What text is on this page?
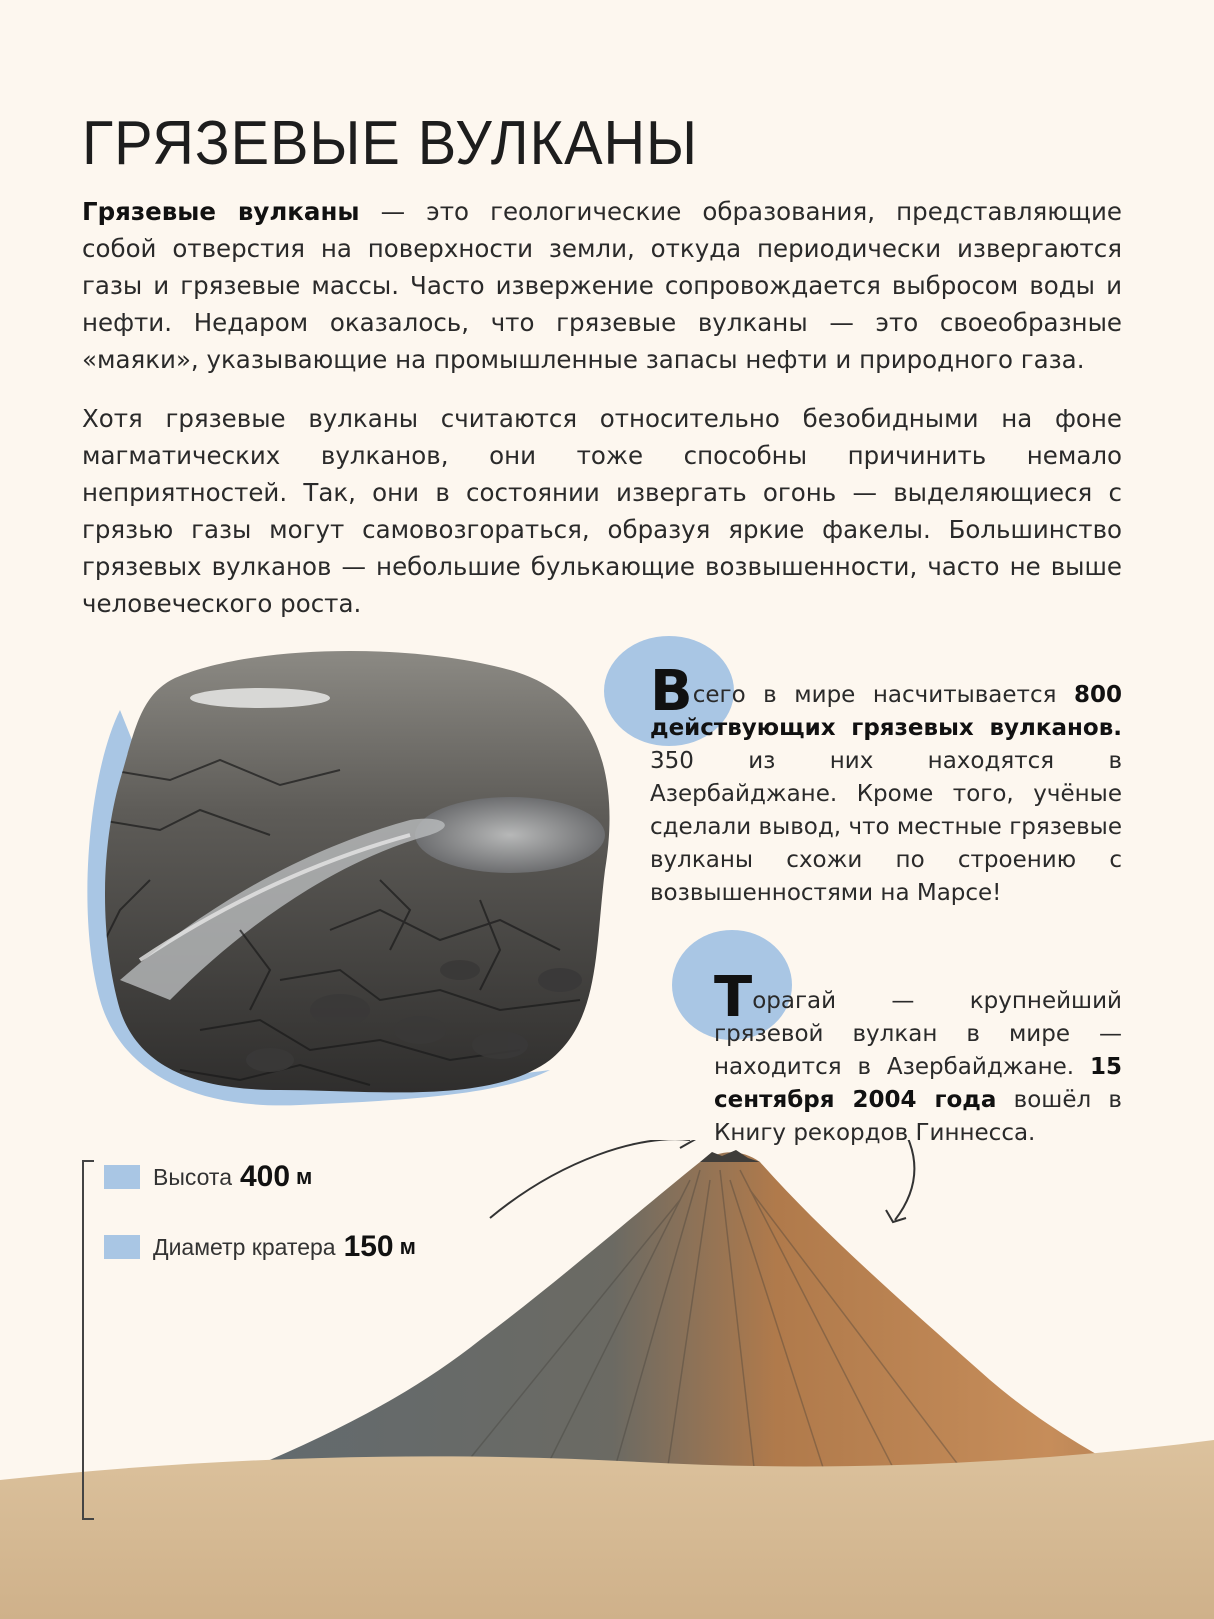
ГРЯЗЕВЫЕ ВУЛКАНЫ

Грязевые вулканы — это геологические образования, представляющие собой отверстия на поверхности земли, откуда периодически извергаются газы и грязевые массы. Часто извержение сопровождается выбросом воды и нефти. Недаром оказалось, что грязевые вулканы — это своеобразные «маяки», указывающие на промышленные запасы нефти и природного газа.

Хотя грязевые вулканы считаются относительно безобидными на фоне магматических вулканов, они тоже способны причинить немало неприятностей. Так, они в состоянии извергать огонь — выделяющиеся с грязью газы могут самовозгораться, образуя яркие факелы. Большинство грязевых вулканов — небольшие булькающие возвышенности, часто не выше человеческого роста.

Всего в мире насчитывается 800 действующих грязевых вулканов. 350 из них находятся в Азербайджане. Кроме того, учёные сделали вывод, что местные грязевые вулканы схожи по строению с возвышенностями на Марсе!
Торагай — крупнейший грязевой вулкан в мире — находится в Азербайджане. 15 сентября 2004 года вошёл в Книгу рекордов Гиннесса.
Высота 400 м
Диаметр кратера 150 м
